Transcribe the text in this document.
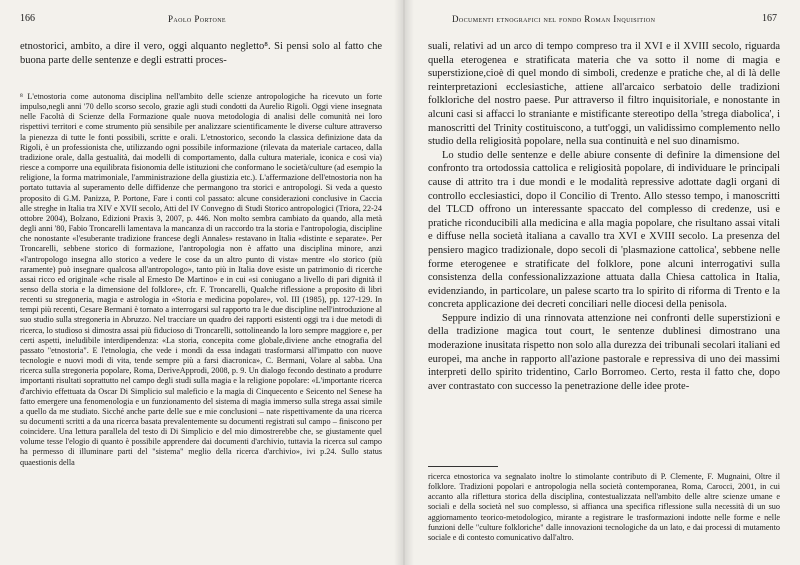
166	Paolo Portone
etnostorici, ambito, a dire il vero, oggi alquanto negletto⁸. Si pensi solo al fatto che buona parte delle sentenze e degli estratti proces-
⁸ L'etnostoria come autonoma disciplina nell'ambito delle scienze antropologiche ha ricevuto un forte impulso,negli anni '70 dello scorso secolo, grazie agli studi condotti da Aurelio Rigoli. Oggi viene insegnata nelle Facoltà di Scienze della Formazione quale nuova metodologia di analisi delle comunità nei loro rispettivi territori e come strumento più sensibile per analizzare scientificamente le diverse culture attraverso la pienezza di tutte le fonti possibili, scritte e orali. L'etnostorico, secondo la classica definizione data da Rigoli, è un professionista che, utilizzando ogni possibile informazione (rilevata da materiale cartaceo, dalla tradizione orale, dalla gestualità, dai modelli di comportamento, dalla cultura materiale, iconica e così via) riesce a comporre una equilibrata fisionomia delle istituzioni che conformano le società/culture (ad esempio la religione, la forma matrimoniale, l'amministrazione della giustizia etc.). L'affermazione dell'etnostoria non ha portato tuttavia al superamento delle diffidenze che permangono tra storici e antropologi. Si veda a questo proposito di G.M. Panizza, P. Portone, Fare i conti col passato: alcune considerazioni conclusive in Caccia alle streghe in Italia tra XIV e XVII secolo, Atti del IV Convegno di Studi Storico antropologici (Triora, 22-24 ottobre 2004), Bolzano, Edizioni Praxis 3, 2007, p. 446. Non molto sembra cambiato da quando, alla metà degli anni '80, Fabio Troncarelli lamentava la mancanza di un raccordo tra la storia e l'antropologia, discipline che nonostante «l'esuberante tradizione francese degli Annales» restavano in Italia «distinte e separate». Per Troncarelli, sebbene storico di formazione, l'antropologia non è affatto una disciplina minore, anzi «l'antropologo insegna allo storico a vedere le cose da un altro punto di vista» mentre «lo storico (più raramente) può insegnare qualcosa all'antropologo», tanto più in Italia dove esiste un patrimonio di ricerche assai ricco ed originale «che risale al Ernesto De Martino» e in cui «si coniugano a livello di pari dignità il senso della storia e la dimensione del folklore», cfr. F. Troncarelli, Qualche riflessione a proposito di libri recenti su stregoneria, magia e astrologia in «Storia e medicina popolare», vol. III (1985), pp. 127-129. In tempi più recenti, Cesare Bermani è tornato a interrogarsi sul rapporto tra le due discipline nell'introduzione al suo studio sulla stregoneria in Abruzzo. Nel tracciare un quadro dei rapporti esistenti oggi tra i due metodi di ricerca, lo studioso si dimostra assai più fiducioso di Troncarelli, sottolineando la loro sempre maggiore e, per certi aspetti, ineludibile interdipendenza: «La storia, concepita come globale,diviene anche etnografia del passato "etnostoria". E l'etnologia, che vede i mondi da essa indagati trasformarsi all'impatto con nuove tecnologie e nuovi modi di vita, tende sempre più a farsi diacronica», C. Bermani, Volare al sabba. Una ricerca sulla stregoneria popolare, Roma, DeriveApprodi, 2008, p. 9. Un dialogo fecondo destinato a produrre importanti risultati soprattutto nel campo degli studi sulla magia e la religione popolare: «L'importante ricerca d'archivio effettuata da Oscar Di Simplicio sul maleficio e la magia di Cinquecento e Seicento nel Senese ha fatto emergere una fenomenologia e un funzionamento del sistema di magia immerso sulla strega assai simile a quello da me studiato. Sicché anche parte delle sue e mie conclusioni – nate rispettivamente da una ricerca su documenti scritti a da una ricerca basata prevalentemente su documenti registrati sul campo – finiscono per coincidere. Una lettura parallela del testo di Di Simplicio e del mio dimostrerebbe che, se giustamente quel volume tesse l'elogio di quanto è possibile apprendere dai documenti d'archivio, tuttavia la ricerca sul campo ha permesso di illuminare parti del "sistema" meglio della ricerca d'archivio», ivi p.24. Sullo status quaestionis della
Documenti etnografici nel fondo Roman Inquisition	167

suali, relativi ad un arco di tempo compreso tra il XVI e il XVIII secolo, riguarda quella eterogenea e stratificata materia che va sotto il nome di magia e superstizione,cioè di quel mondo di simboli, credenze e pratiche che, al di là delle reinterpretazioni ecclesiastiche, attiene all'arcaico serbatoio delle tradizioni folkloriche del nostro paese. Pur attraverso il filtro inquisitoriale, e nonostante in alcuni casi si affacci lo straniante e mistificante stereotipo della 'strega diabolica', i manoscritti del Trinity costituiscono, a tutt'oggi, un validissimo complemento nello studio della religiosità popolare, nella sua continuità e nel suo dinamismo.

Lo studio delle sentenze e delle abiure consente di definire la dimensione del confronto tra ortodossia cattolica e religiosità popolare, di individuare le principali cause di attrito tra i due mondi e le modalità repressive adottate dagli organi di controllo ecclesiastici, dopo il Concilio di Trento. Allo stesso tempo, i manoscritti del TLCD offrono un interessante spaccato del complesso di credenze, usi e pratiche riconducibili alla medicina e alla magia popolare, che risultano assai vitali e diffuse nella società italiana a cavallo tra XVI e XVIII secolo. La presenza del pensiero magico tradizionale, dopo secoli di 'plasmazione cattolica', sebbene nelle forme eterogenee e stratificate del folklore, pone alcuni interrogativi sulla consistenza della confessionalizzazione attuata dalla Chiesa cattolica in Italia, evidenziando, in particolare, un palese scarto tra lo spirito di riforma di Trento e la concreta applicazione dei decreti conciliari nelle diocesi della penisola.

Seppure indizio di una rinnovata attenzione nei confronti delle superstizioni e della tradizione magica tout court, le sentenze dublinesi dimostrano una moderazione inusitata rispetto non solo alla durezza dei tribunali secolari italiani ed europei, ma anche in rapporto all'azione pastorale e repressiva di uno dei massimi interpreti dello spirito tridentino, Carlo Borromeo. Certo, resta il fatto che, dopo aver contrastato con successo la penetrazione delle idee prote-

ricerca etnostorica va segnalato inoltre lo stimolante contributo di P. Clemente, F. Mugnaini, Oltre il folklore. Tradizioni popolari e antropologia nella società contemporanea, Roma, Carocci, 2001, in cui accanto alla riflettura storica della disciplina, contestualizzata nell'ambito delle altre scienze umane e sociali e della società nel suo complesso, si affianca una specifica riflessione sulla necessità di un suo aggiornamento teorico-metodologico, mirante a registrare le trasformazioni indotte nelle forme e nelle funzioni delle "culture folkloriche" dalle innovazioni tecnologiche da un lato, e dai processi di mutamento sociale e di contesto comunicativo dall'altro.
